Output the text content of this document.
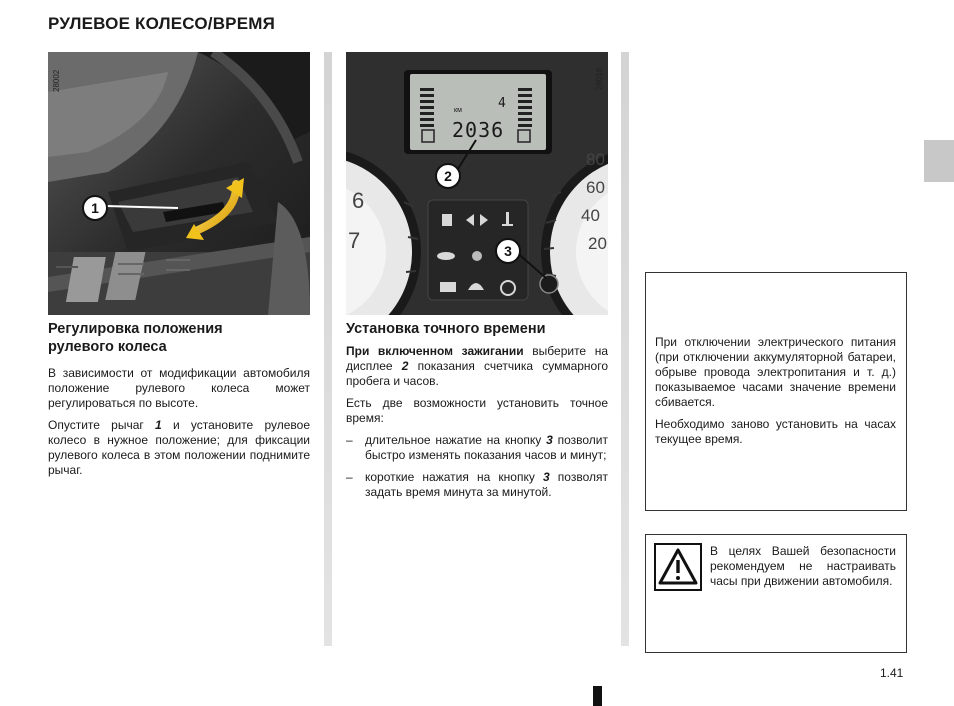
РУЛЕВОЕ КОЛЕСО/ВРЕМЯ
1
28002
2036
км	4
6
7
80
60
40
20
2
3
28018
Регулировка положения
рулевого колеса

В зависимости от модификации автомобиля положение рулевого колеса может регулироваться по высоте.

Опустите рычаг 1 и установите рулевое колесо в нужное положение; для фиксации рулевого колеса в этом положении поднимите рычаг.

Установка точного времени

При включенном зажигании выберите на дисплее 2 показания счетчика суммарного пробега и часов.

Есть две возможности установить точное время:

–	длительное нажатие на кнопку 3 позволит быстро изменять показания часов и минут;
–	короткие нажатия на кнопку 3 позволят задать время минута за минутой.

При отключении электрического питания (при отключении аккумуляторной батареи, обрыве провода электропитания и т. д.) показываемое часами значение времени сбивается.

Необходимо заново установить на часах текущее время.

В целях Вашей безопасности рекомендуем не настраивать часы при движении автомобиля.

1.41
